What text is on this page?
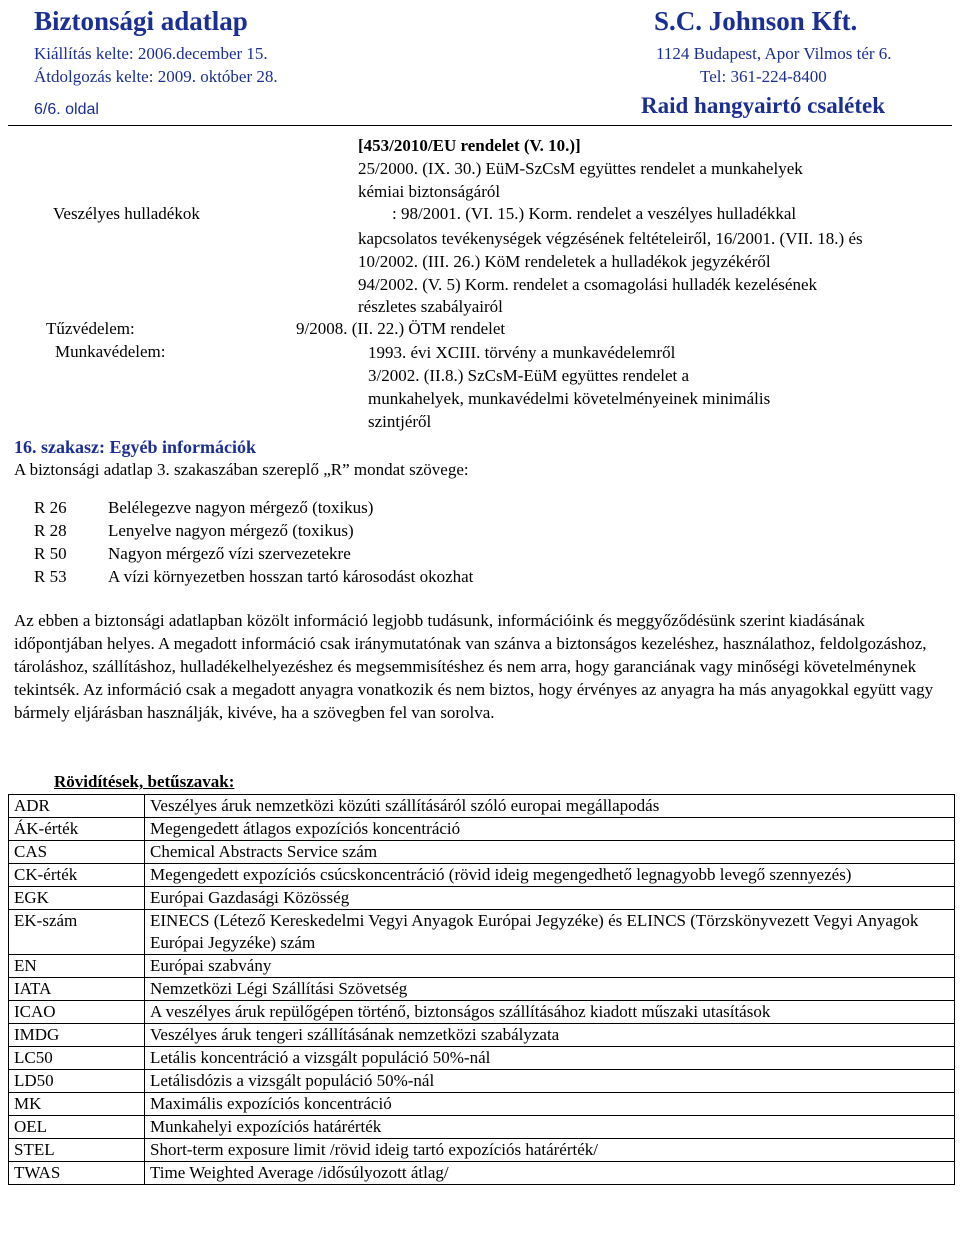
Biztonsági adatlap
Kiállítás kelte: 2006.december 15.
Átdolgozás kelte: 2009. október 28.
6/6. oldal
S.C. Johnson Kft.
1124 Budapest, Apor Vilmos tér 6.
Tel: 361-224-8400
Raid hangyairtó csalétek
[453/2010/EU rendelet (V. 10.)]
25/2000. (IX. 30.) EüM-SzCsM együttes rendelet a munkahelyek
kémiai biztonságáról
Veszélyes hulladékok	: 98/2001. (VI. 15.) Korm. rendelet a veszélyes hulladékkal
kapcsolatos tevékenységek végzésének feltételeiről, 16/2001. (VII. 18.) és
10/2002. (III. 26.) KöM rendeletek a hulladékok jegyzékéről
94/2002. (V. 5) Korm. rendelet a csomagolási hulladék kezelésének
részletes szabályairól
Tűzvédelem:	9/2008. (II. 22.) ÖTM rendelet
Munkavédelem:	1993. évi XCIII. törvény a munkavédelemről
3/2002. (II.8.) SzCsM-EüM együttes rendelet a
munkahelyek, munkavédelmi követelményeinek minimális
szintjéről
16. szakasz: Egyéb információk
A biztonsági adatlap 3. szakaszában szereplő „R” mondat szövege:
R 26	Belélegezve nagyon mérgező (toxikus)
R 28	Lenyelve nagyon mérgező (toxikus)
R 50	Nagyon mérgező vízi szervezetekre
R 53	A vízi környezetben hosszan tartó károsodást okozhat
Az ebben a biztonsági adatlapban közölt információ legjobb tudásunk, információink és meggyőződésünk szerint kiadásának időpontjában helyes. A megadott információ csak iránymutatónak van szánva a biztonságos kezeléshez, használathoz, feldolgozáshoz, tároláshoz, szállításhoz, hulladékelhelyezéshez és megsemmisítéshez és nem arra, hogy garanciának vagy minőségi követelménynek tekintsék. Az információ csak a megadott anyagra vonatkozik és nem biztos, hogy érvényes az anyagra ha más anyagokkal együtt vagy bármely eljárásban használják, kivéve, ha a szövegben fel van sorolva.
Rövidítések, betűszavak:
ADR	Veszélyes áruk nemzetközi közúti szállításáról szóló europai megállapodás
ÁK-érték	Megengedett átlagos expozíciós koncentráció
CAS	Chemical Abstracts Service szám
CK-érték	Megengedett expozíciós csúcskoncentráció (rövid ideig megengedhető legnagyobb levegő szennyezés)
EGK	Európai Gazdasági Közösség
EK-szám	EINECS (Létező Kereskedelmi Vegyi Anyagok Európai Jegyzéke) és ELINCS (Törzskönyvezett Vegyi Anyagok Európai Jegyzéke) szám
EN	Európai szabvány
IATA	Nemzetközi Légi Szállítási Szövetség
ICAO	A veszélyes áruk repülőgépen történő, biztonságos szállításához kiadott műszaki utasítások
IMDG	Veszélyes áruk tengeri szállításának nemzetközi szabályzata
LC50	Letális koncentráció a vizsgált populáció 50%-nál
LD50	Letálisdózis a vizsgált populáció 50%-nál
MK	Maximális expozíciós koncentráció
OEL	Munkahelyi expozíciós határérték
STEL	Short-term exposure limit /rövid ideig tartó expozíciós határérték/
TWAS	Time Weighted Average /idősúlyozott átlag/
